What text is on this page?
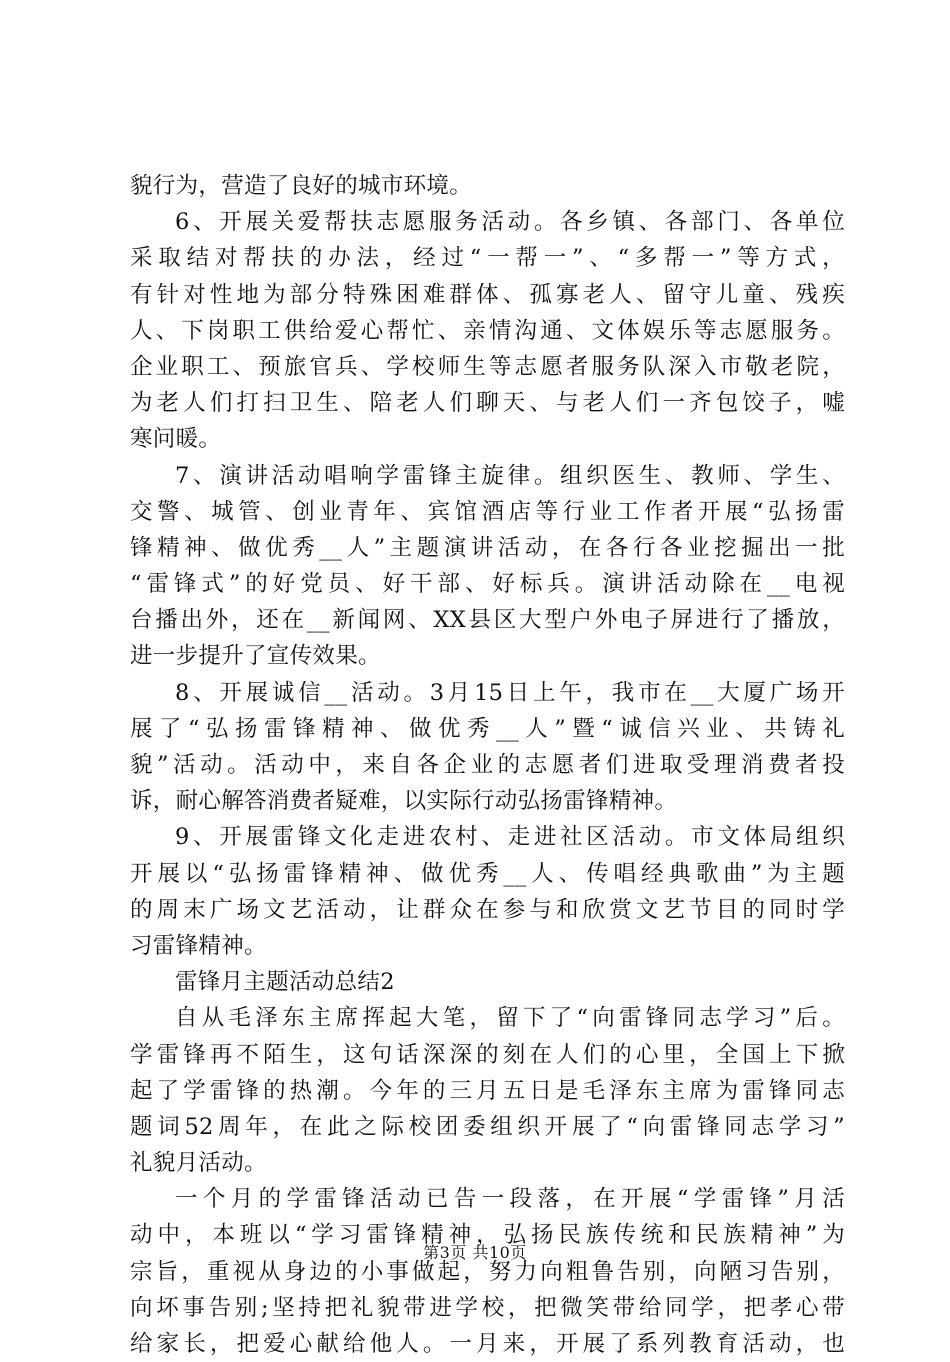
貌行为，营造了良好的城市环境。
6、开展关爱帮扶志愿服务活动。各乡镇、各部门、各单位
采取结对帮扶的办法，经过“一帮一”、“多帮一”等方式，
有针对性地为部分特殊困难群体、孤寡老人、留守儿童、残疾
人、下岗职工供给爱心帮忙、亲情沟通、文体娱乐等志愿服务。
企业职工、预旅官兵、学校师生等志愿者服务队深入市敬老院，
为老人们打扫卫生、陪老人们聊天、与老人们一齐包饺子，嘘
寒问暖。
7、演讲活动唱响学雷锋主旋律。组织医生、教师、学生、
交警、城管、创业青年、宾馆酒店等行业工作者开展“弘扬雷
锋精神、做优秀__人”主题演讲活动，在各行各业挖掘出一批
“雷锋式”的好党员、好干部、好标兵。演讲活动除在__电视
台播出外，还在__新闻网、XX县区大型户外电子屏进行了播放，
进一步提升了宣传效果。
8、开展诚信__活动。3月15日上午，我市在__大厦广场开
展了“弘扬雷锋精神、做优秀__人”暨“诚信兴业、共铸礼
貌”活动。活动中，来自各企业的志愿者们进取受理消费者投
诉，耐心解答消费者疑难，以实际行动弘扬雷锋精神。
9、开展雷锋文化走进农村、走进社区活动。市文体局组织
开展以“弘扬雷锋精神、做优秀__人、传唱经典歌曲”为主题
的周末广场文艺活动，让群众在参与和欣赏文艺节目的同时学
习雷锋精神。
雷锋月主题活动总结2
自从毛泽东主席挥起大笔，留下了“向雷锋同志学习”后。
学雷锋再不陌生，这句话深深的刻在人们的心里，全国上下掀
起了学雷锋的热潮。今年的三月五日是毛泽东主席为雷锋同志
题词52周年，在此之际校团委组织开展了“向雷锋同志学习”
礼貌月活动。
一个月的学雷锋活动已告一段落，在开展“学雷锋”月活
动中，本班以“学习雷锋精神，弘扬民族传统和民族精神”为
宗旨，重视从身边的小事做起，努力向粗鲁告别，向陋习告别，
向坏事告别;坚持把礼貌带进学校，把微笑带给同学，把孝心带
给家长，把爱心献给他人。一月来，开展了系列教育活动，也
第3页 共10页
